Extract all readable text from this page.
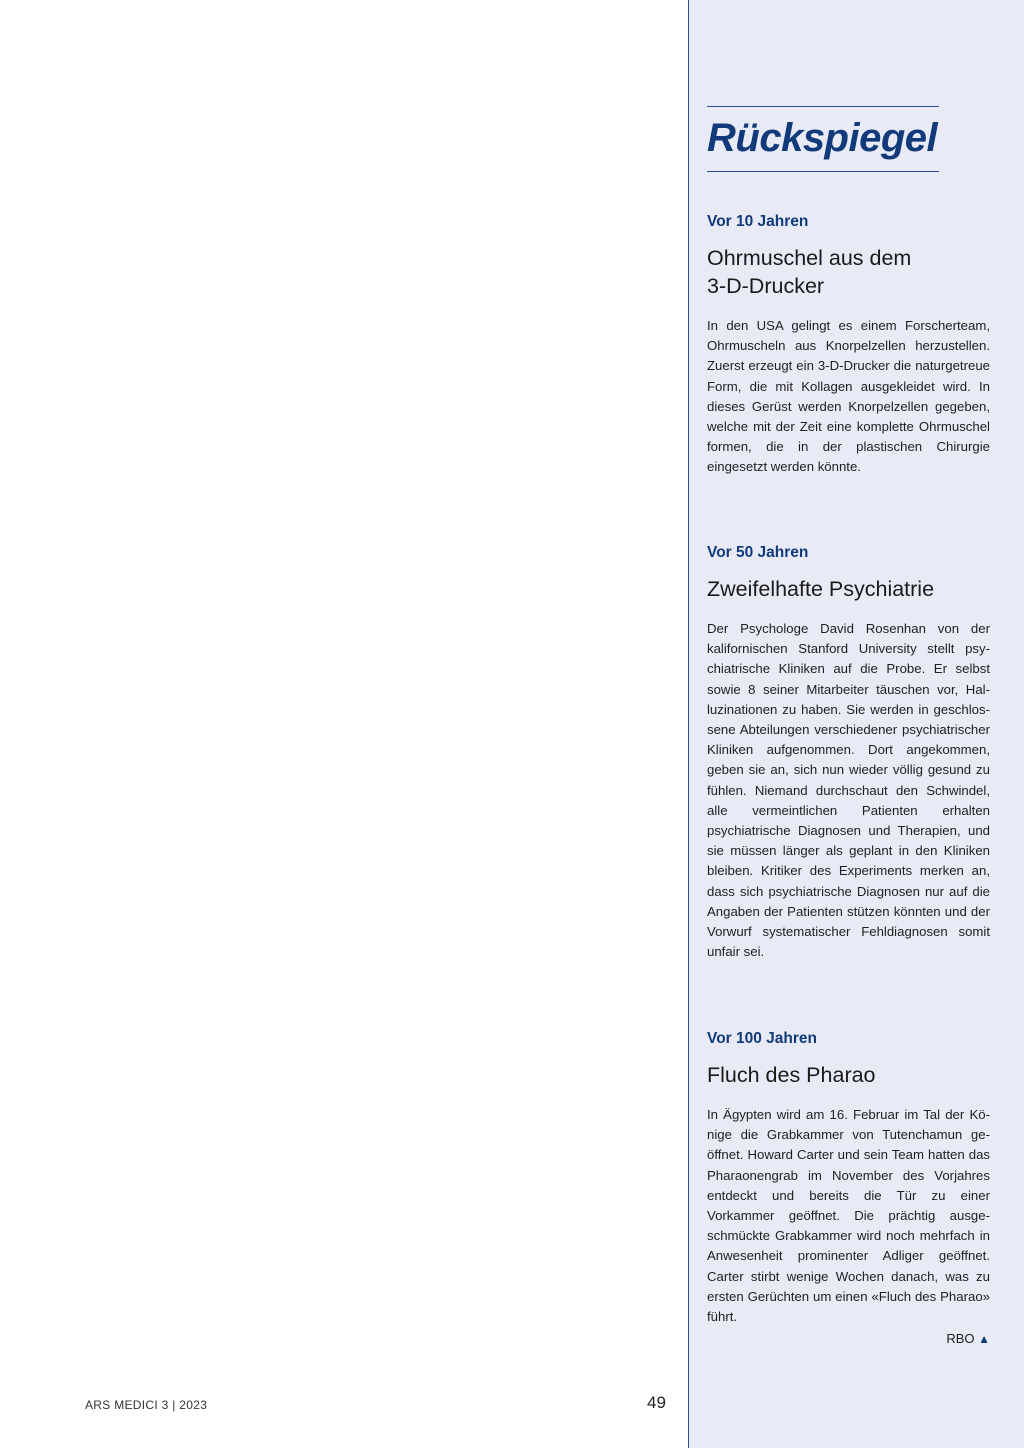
Rückspiegel

Vor 10 Jahren

Ohrmuschel aus dem
3-D-Drucker

In den USA gelingt es einem Forscherteam, Ohrmuscheln aus Knorpelzellen herzustellen. Zuerst erzeugt ein 3-D-Drucker die naturgetreue Form, die mit Kollagen ausgekleidet wird. In dieses Gerüst werden Knorpelzellen gegeben, welche mit der Zeit eine komplette Ohrmuschel formen, die in der plastischen Chirurgie eingesetzt werden könnte.

Vor 50 Jahren

Zweifelhafte Psychiatrie

Der Psychologe David Rosenhan von der kalifornischen Stanford University stellt psychiatrische Kliniken auf die Probe. Er selbst sowie 8 seiner Mitarbeiter täuschen vor, Halluzinationen zu haben. Sie werden in geschlossene Abteilungen verschiedener psychiatrischer Kliniken aufgenommen. Dort angekommen, geben sie an, sich nun wieder völlig gesund zu fühlen. Niemand durchschaut den Schwindel, alle vermeintlichen Patienten erhalten psychiatrische Diagnosen und Therapien, und sie müssen länger als geplant in den Kliniken bleiben. Kritiker des Experiments merken an, dass sich psychiatrische Diagnosen nur auf die Angaben der Patienten stützen könnten und der Vorwurf systematischer Fehldiagnosen somit unfair sei.

Vor 100 Jahren

Fluch des Pharao

In Ägypten wird am 16. Februar im Tal der Könige die Grabkammer von Tutenchamun geöffnet. Howard Carter und sein Team hatten das Pharaonengrab im November des Vorjahres entdeckt und bereits die Tür zu einer Vorkammer geöffnet. Die prächtig ausgeschmückte Grabkammer wird noch mehrfach in Anwesenheit prominenter Adliger geöffnet. Carter stirbt wenige Wochen danach, was zu ersten Gerüchten um einen «Fluch des Pharao» führt.

RBO ▲
ARS MEDICI 3 | 2023	49
